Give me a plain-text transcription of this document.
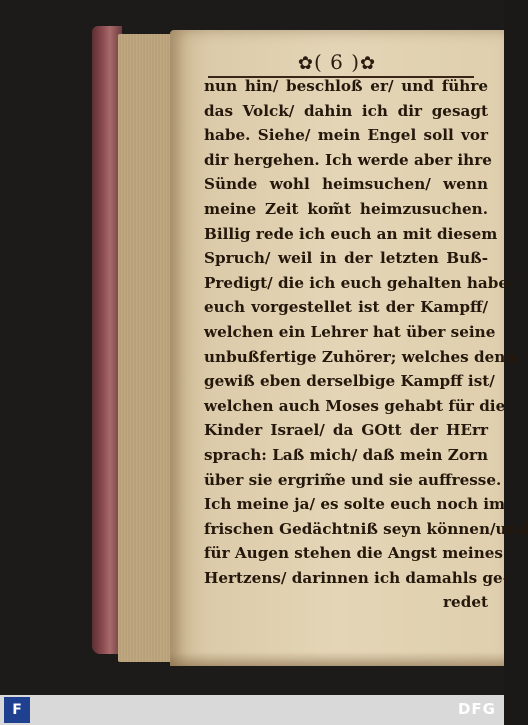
✿( 6 )✿
nun hin/ beschloß er/ und führe
das Volck/ dahin ich dir gesagt
habe. Siehe/ mein Engel soll vor
dir hergehen. Ich werde aber ihre
Sünde wohl heimsuchen/ wenn
meine Zeit kom̃t heimzusuchen.
Billig rede ich euch an mit diesem
Spruch/ weil in der letzten Buß-
Predigt/ die ich euch gehalten habe/
euch vorgestellet ist der Kampff/
welchen ein Lehrer hat über seine
unbußfertige Zuhörer; welches denn
gewiß eben derselbige Kampff ist/
welchen auch Moses gehabt für die
Kinder Israel/ da GOtt der HErr
sprach: Laß mich/ daß mein Zorn
über sie ergrim̃e und sie auffresse.
Ich meine ja/ es solte euch noch im
frischen Gedächtniß seyn können/und
für Augen stehen die Angst meines
Hertzens/ darinnen ich damahls ge-
redet
F	DFG
